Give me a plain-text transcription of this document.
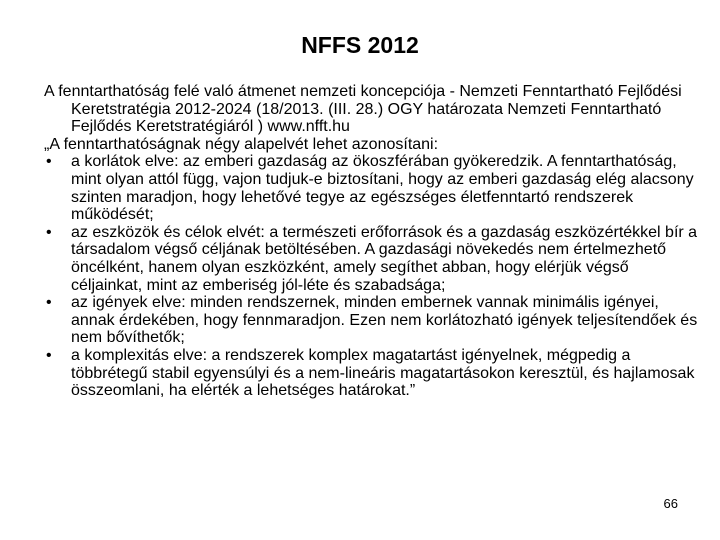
NFFS 2012

A fenntarthatóság felé való átmenet nemzeti koncepciója - Nemzeti Fenntartható Fejlődési Keretstratégia 2012-2024 (18/2013. (III. 28.) OGY határozata Nemzeti Fenntartható Fejlődés Keretstratégiáról ) www.nfft.hu

„A fenntarthatóságnak négy alapelvét lehet azonosítani:

• a korlátok elve: az emberi gazdaság az ökoszférában gyökeredzik. A fenntarthatóság, mint olyan attól függ, vajon tudjuk-e biztosítani, hogy az emberi gazdaság elég alacsony szinten maradjon, hogy lehetővé tegye az egészséges életfenntartó rendszerek működését;
• az eszközök és célok elvét: a természeti erőforrások és a gazdaság eszközértékkel bír a társadalom végső céljának betöltésében. A gazdasági növekedés nem értelmezhető öncélként, hanem olyan eszközként, amely segíthet abban, hogy elérjük végső céljainkat, mint az emberiség jól-léte és szabadsága;
• az igények elve: minden rendszernek, minden embernek vannak minimális igényei, annak érdekében, hogy fennmaradjon. Ezen nem korlátozható igények teljesítendőek és nem bővíthetők;
• a komplexitás elve: a rendszerek komplex magatartást igényelnek, mégpedig a többrétegű stabil egyensúlyi és a nem-lineáris magatartásokon keresztül, és hajlamosak összeomlani, ha elérték a lehetséges határokat.”
66
